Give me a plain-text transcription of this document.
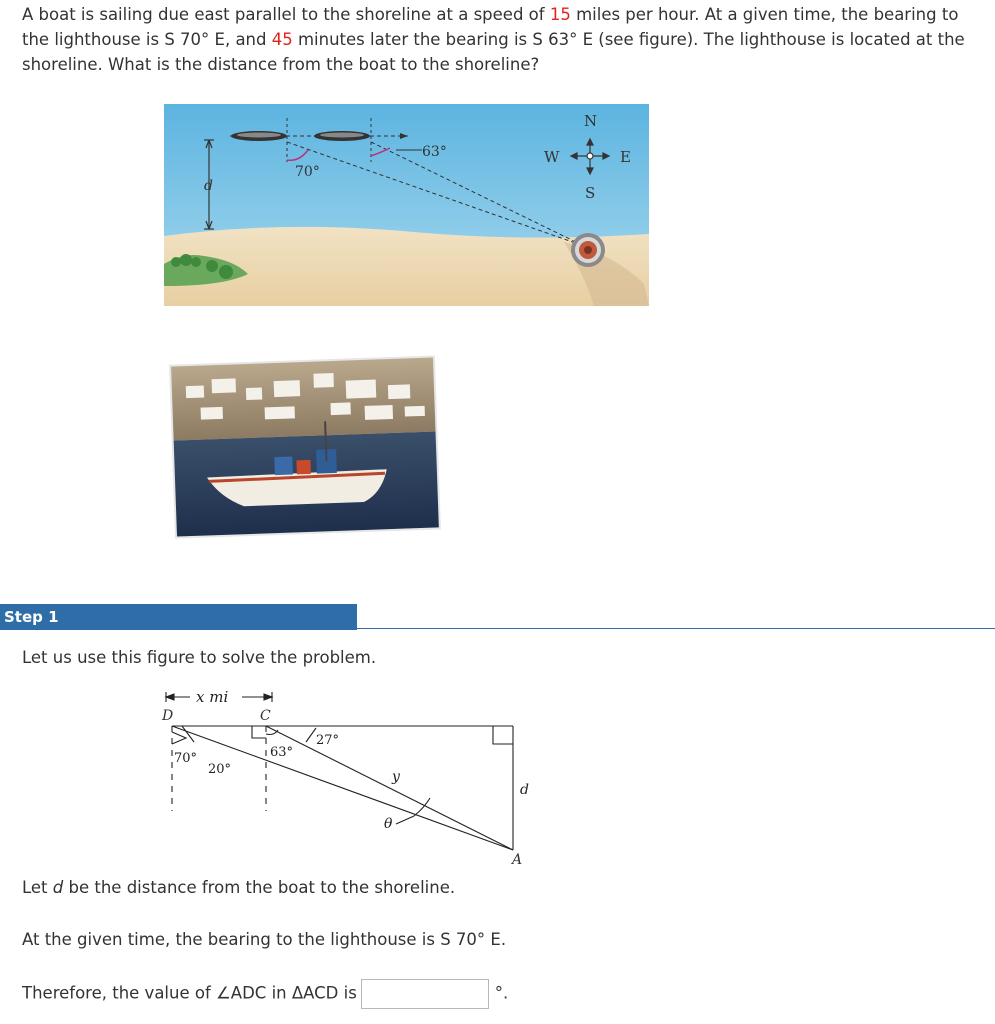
A boat is sailing due east parallel to the shoreline at a speed of 15 miles per hour. At a given time, the bearing to the lighthouse is S 70° E, and 45 minutes later the bearing is S 63° E (see figure). The lighthouse is located at the shoreline. What is the distance from the boat to the shoreline?
d
70°
63°
N
S
W	E
Step 1
Let us use this figure to solve the problem.
x mi
D	C
A
70°
20°
63°
27°
y
θ
d
Let d be the distance from the boat to the shoreline.
At the given time, the bearing to the lighthouse is S 70° E.
Therefore, the value of ∠ADC in ΔACD is	°.
